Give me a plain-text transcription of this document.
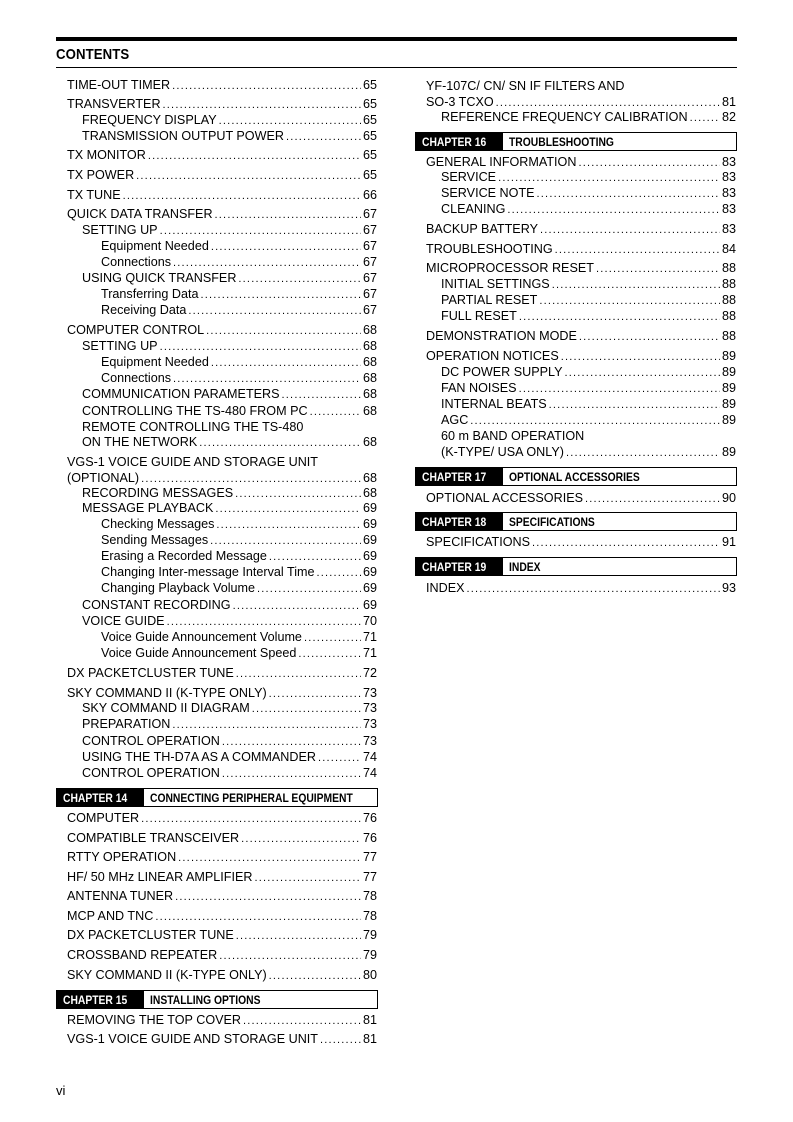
CONTENTS
TIME-OUT TIMER .....	65
TRANSVERTER .....	65
FREQUENCY DISPLAY .....	65
TRANSMISSION OUTPUT POWER .....	65
TX MONITOR .....	65
TX POWER .....	65
TX TUNE .....	66
QUICK DATA TRANSFER .....	67
SETTING UP .....	67
Equipment Needed .....	67
Connections .....	67
USING QUICK TRANSFER .....	67
Transferring Data .....	67
Receiving Data .....	67
COMPUTER CONTROL .....	68
SETTING UP .....	68
Equipment Needed .....	68
Connections .....	68
COMMUNICATION PARAMETERS .....	68
CONTROLLING THE TS-480 FROM PC .....	68
REMOTE CONTROLLING THE TS-480
ON THE NETWORK .....	68
VGS-1 VOICE GUIDE AND STORAGE UNIT
(OPTIONAL) .....	68
RECORDING MESSAGES .....	68
MESSAGE PLAYBACK .....	69
Checking Messages .....	69
Sending Messages .....	69
Erasing a Recorded Message .....	69
Changing Inter-message Interval Time .....	69
Changing Playback Volume .....	69
CONSTANT RECORDING .....	69
VOICE GUIDE .....	70
Voice Guide Announcement Volume .....	71
Voice Guide Announcement Speed .....	71
DX PACKETCLUSTER TUNE .....	72
SKY COMMAND II (K-TYPE ONLY) .....	73
SKY COMMAND II DIAGRAM .....	73
PREPARATION .....	73
CONTROL OPERATION .....	73
USING THE TH-D7A AS A COMMANDER .....	74
CONTROL OPERATION .....	74
CHAPTER 14 CONNECTING PERIPHERAL EQUIPMENT
COMPUTER .....	76
COMPATIBLE TRANSCEIVER .....	76
RTTY OPERATION .....	77
HF/ 50 MHz LINEAR AMPLIFIER .....	77
ANTENNA TUNER .....	78
MCP AND TNC .....	78
DX PACKETCLUSTER TUNE .....	79
CROSSBAND REPEATER .....	79
SKY COMMAND II (K-TYPE ONLY) .....	80
CHAPTER 15 INSTALLING OPTIONS
REMOVING THE TOP COVER .....	81
VGS-1 VOICE GUIDE AND STORAGE UNIT .....	81
YF-107C/ CN/ SN IF FILTERS AND
SO-3 TCXO .....	81
REFERENCE FREQUENCY CALIBRATION .....	82
CHAPTER 16 TROUBLESHOOTING
GENERAL INFORMATION .....	83
SERVICE .....	83
SERVICE NOTE .....	83
CLEANING .....	83
BACKUP BATTERY .....	83
TROUBLESHOOTING .....	84
MICROPROCESSOR RESET .....	88
INITIAL SETTINGS .....	88
PARTIAL RESET .....	88
FULL RESET .....	88
DEMONSTRATION MODE .....	88
OPERATION NOTICES .....	89
DC POWER SUPPLY .....	89
FAN NOISES .....	89
INTERNAL BEATS .....	89
AGC .....	89
60 m BAND OPERATION
(K-TYPE/ USA ONLY) .....	89
CHAPTER 17 OPTIONAL ACCESSORIES
OPTIONAL ACCESSORIES .....	90
CHAPTER 18 SPECIFICATIONS
SPECIFICATIONS .....	91
CHAPTER 19 INDEX
INDEX .....	93
vi
